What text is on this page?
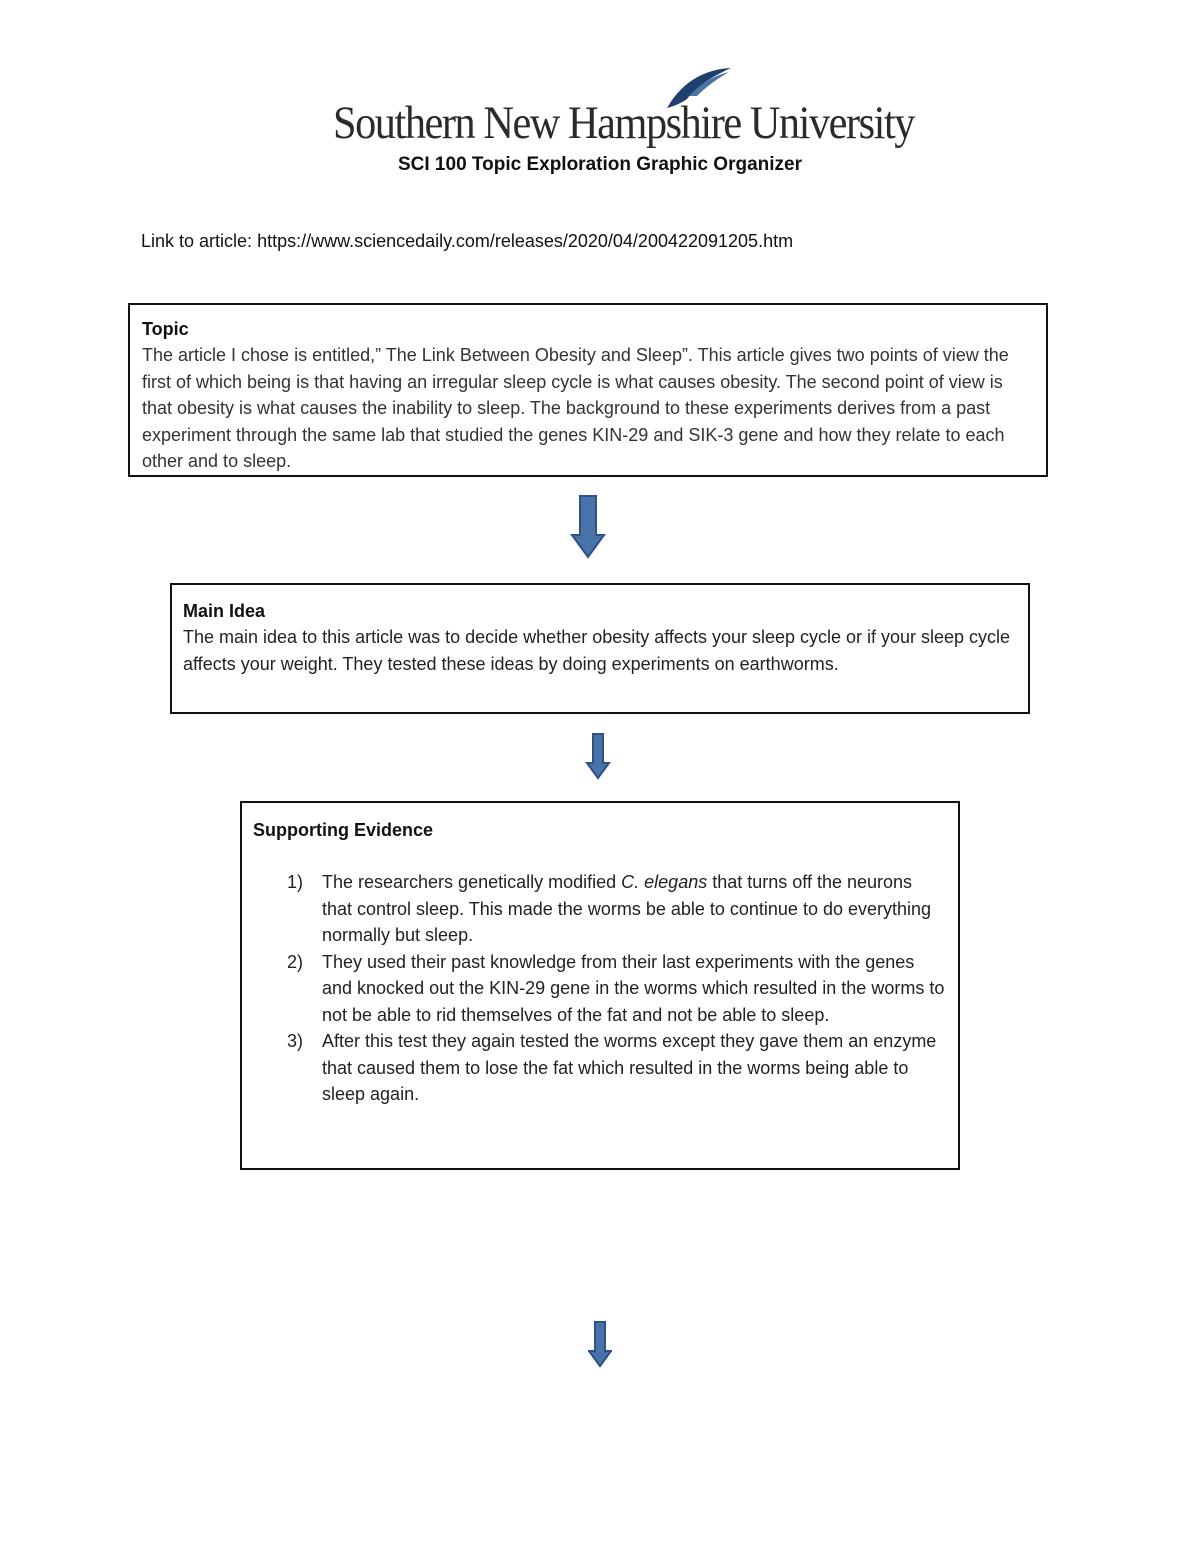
Southern New Hampshire University
SCI 100 Topic Exploration Graphic Organizer
Link to article: https://www.sciencedaily.com/releases/2020/04/200422091205.htm
Topic
The article I chose is entitled,” The Link Between Obesity and Sleep”. This article gives two points of view the first of which being is that having an irregular sleep cycle is what causes obesity. The second point of view is that obesity is what causes the inability to sleep. The background to these experiments derives from a past experiment through the same lab that studied the genes KIN-29 and SIK-3 gene and how they relate to each other and to sleep.
Main Idea
The main idea to this article was to decide whether obesity affects your sleep cycle or if your sleep cycle affects your weight. They tested these ideas by doing experiments on earthworms.
Supporting Evidence
1)	The researchers genetically modified C. elegans that turns off the neurons that control sleep. This made the worms be able to continue to do everything normally but sleep.
2)	They used their past knowledge from their last experiments with the genes and knocked out the KIN-29 gene in the worms which resulted in the worms to not be able to rid themselves of the fat and not be able to sleep.
3)	After this test they again tested the worms except they gave them an enzyme that caused them to lose the fat which resulted in the worms being able to sleep again.
